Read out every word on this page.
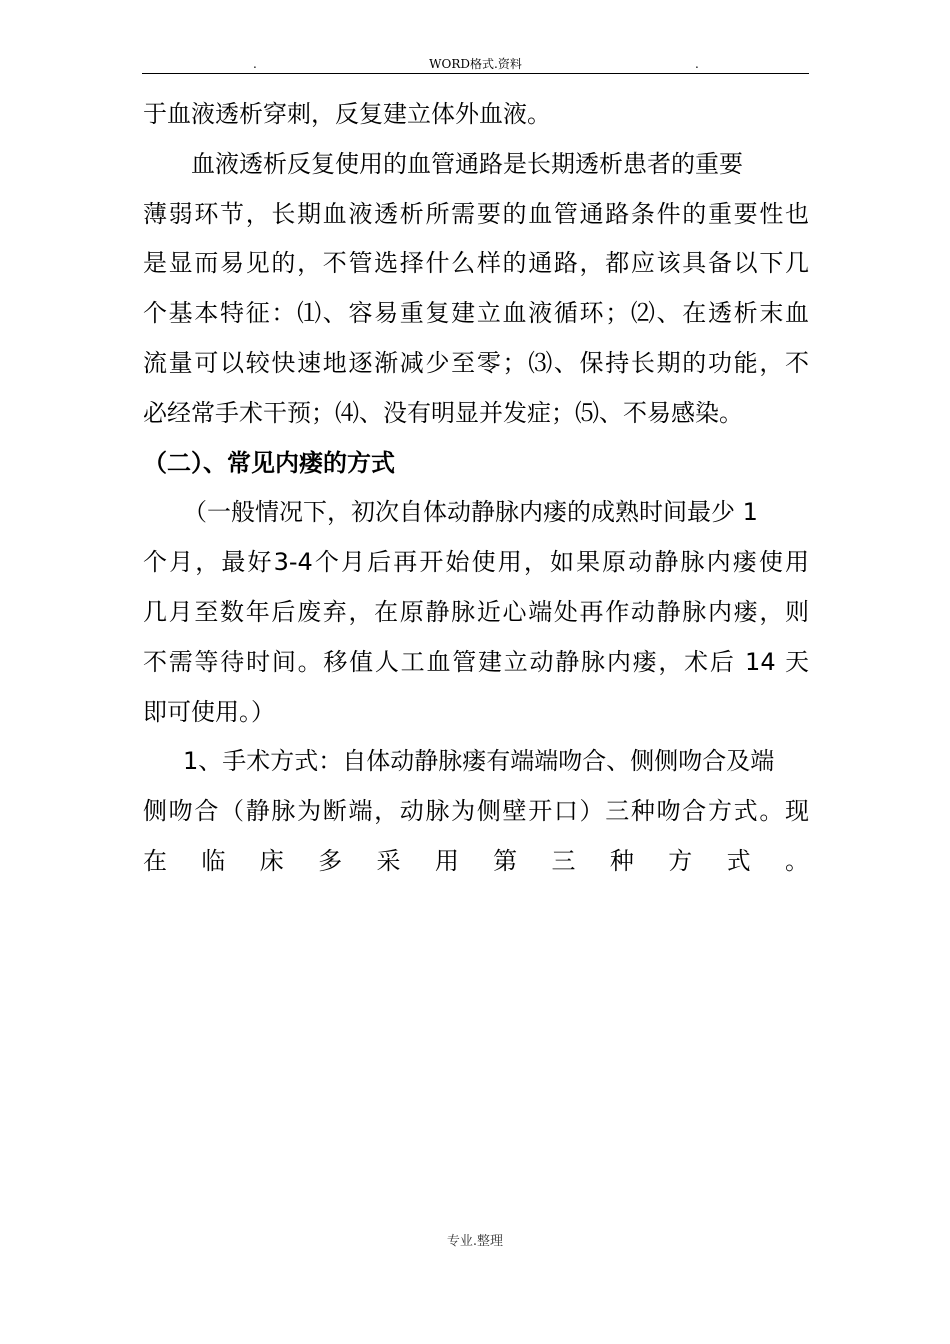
.	WORD格式.资料	.
于血液透析穿刺，反复建立体外血液。
血液透析反复使用的血管通路是长期透析患者的重要
薄弱环节，长期血液透析所需要的血管通路条件的重要性也
是显而易见的，不管选择什么样的通路，都应该具备以下几
个基本特征：⑴、容易重复建立血液循环；⑵、在透析末血
流量可以较快速地逐渐减少至零；⑶、保持长期的功能，不
必经常手术干预；⑷、没有明显并发症；⑸、不易感染。
（二）、常见内瘘的方式
（一般情况下，初次自体动静脉内瘘的成熟时间最少 1
个月，最好3-4个月后再开始使用，如果原动静脉内瘘使用
几月至数年后废弃，在原静脉近心端处再作动静脉内瘘，则
不需等待时间。移值人工血管建立动静脉内瘘，术后 14 天
即可使用。）
1、手术方式：自体动静脉瘘有端端吻合、侧侧吻合及端
侧吻合（静脉为断端，动脉为侧壁开口）三种吻合方式。现
在临床多采用第三种方式。
专业.整理
